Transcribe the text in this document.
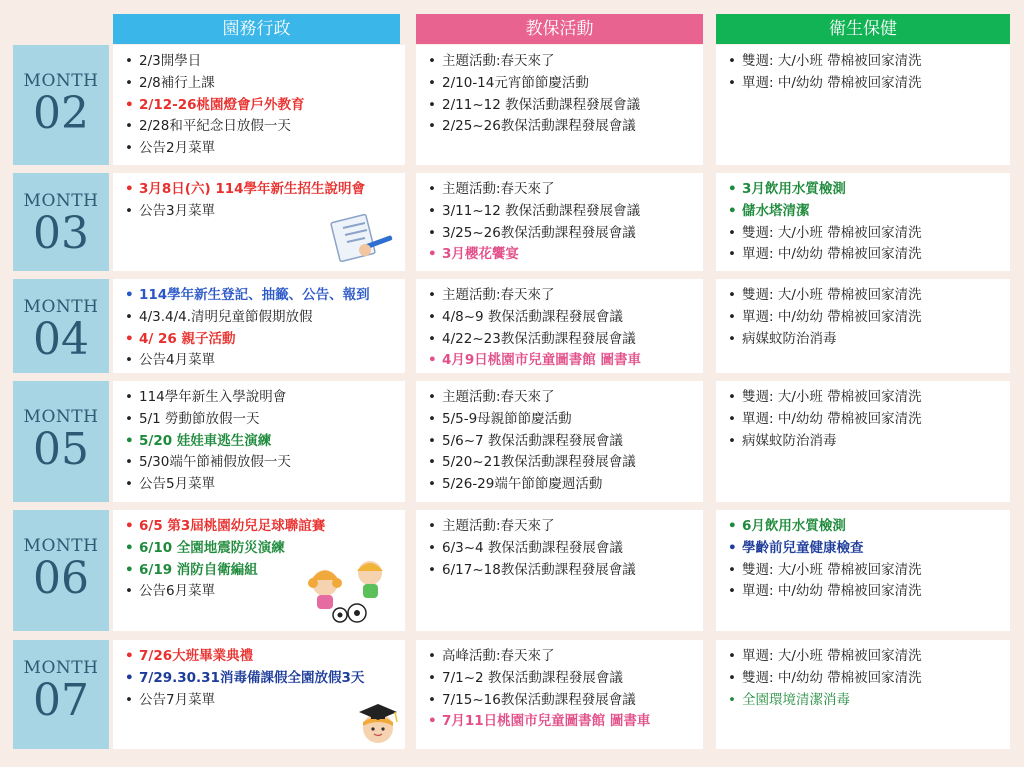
園務行政	教保活動	衛生保健
MONTH
02
• 2/3開學日
• 2/8補行上課
• 2/12-26桃園燈會戶外教育
• 2/28和平紀念日放假一天
• 公告2月菜單
• 主題活動:春天來了
• 2/10-14元宵節節慶活動
• 2/11~12 教保活動課程發展會議
• 2/25~26教保活動課程發展會議
• 雙週: 大/小班 帶棉被回家清洗
• 單週: 中/幼幼 帶棉被回家清洗
MONTH
03
• 3月8日(六) 114學年新生招生說明會
• 公告3月菜單
• 主題活動:春天來了
• 3/11~12 教保活動課程發展會議
• 3/25~26教保活動課程發展會議
• 3月櫻花饗宴
• 3月飲用水質檢測
• 儲水塔清潔
• 雙週: 大/小班 帶棉被回家清洗
• 單週: 中/幼幼 帶棉被回家清洗
MONTH
04
• 114學年新生登記、抽籤、公告、報到
• 4/3.4/4.清明兒童節假期放假
• 4/ 26 親子活動
• 公告4月菜單
• 主題活動:春天來了
• 4/8~9 教保活動課程發展會議
• 4/22~23教保活動課程發展會議
• 4月9日桃園市兒童圖書館 圖書車
• 雙週: 大/小班 帶棉被回家清洗
• 單週: 中/幼幼 帶棉被回家清洗
• 病媒蚊防治消毒
MONTH
05
• 114學年新生入學說明會
• 5/1 勞動節放假一天
• 5/20 娃娃車逃生演練
• 5/30端午節補假放假一天
• 公告5月菜單
• 主題活動:春天來了
• 5/5-9母親節節慶活動
• 5/6~7 教保活動課程發展會議
• 5/20~21教保活動課程發展會議
• 5/26-29端午節節慶週活動
• 雙週: 大/小班 帶棉被回家清洗
• 單週: 中/幼幼 帶棉被回家清洗
• 病媒蚊防治消毒
MONTH
06
• 6/5 第3屆桃園幼兒足球聯誼賽
• 6/10 全園地震防災演練
• 6/19 消防自衛編組
• 公告6月菜單
• 主題活動:春天來了
• 6/3~4 教保活動課程發展會議
• 6/17~18教保活動課程發展會議
• 6月飲用水質檢測
• 學齡前兒童健康檢查
• 雙週: 大/小班 帶棉被回家清洗
• 單週: 中/幼幼 帶棉被回家清洗
MONTH
07
• 7/26大班畢業典禮
• 7/29.30.31消毒備課假全園放假3天
• 公告7月菜單
• 高峰活動:春天來了
• 7/1~2 教保活動課程發展會議
• 7/15~16教保活動課程發展會議
• 7月11日桃園市兒童圖書館 圖書車
• 單週: 大/小班 帶棉被回家清洗
• 雙週: 中/幼幼 帶棉被回家清洗
• 全園環境清潔消毒
